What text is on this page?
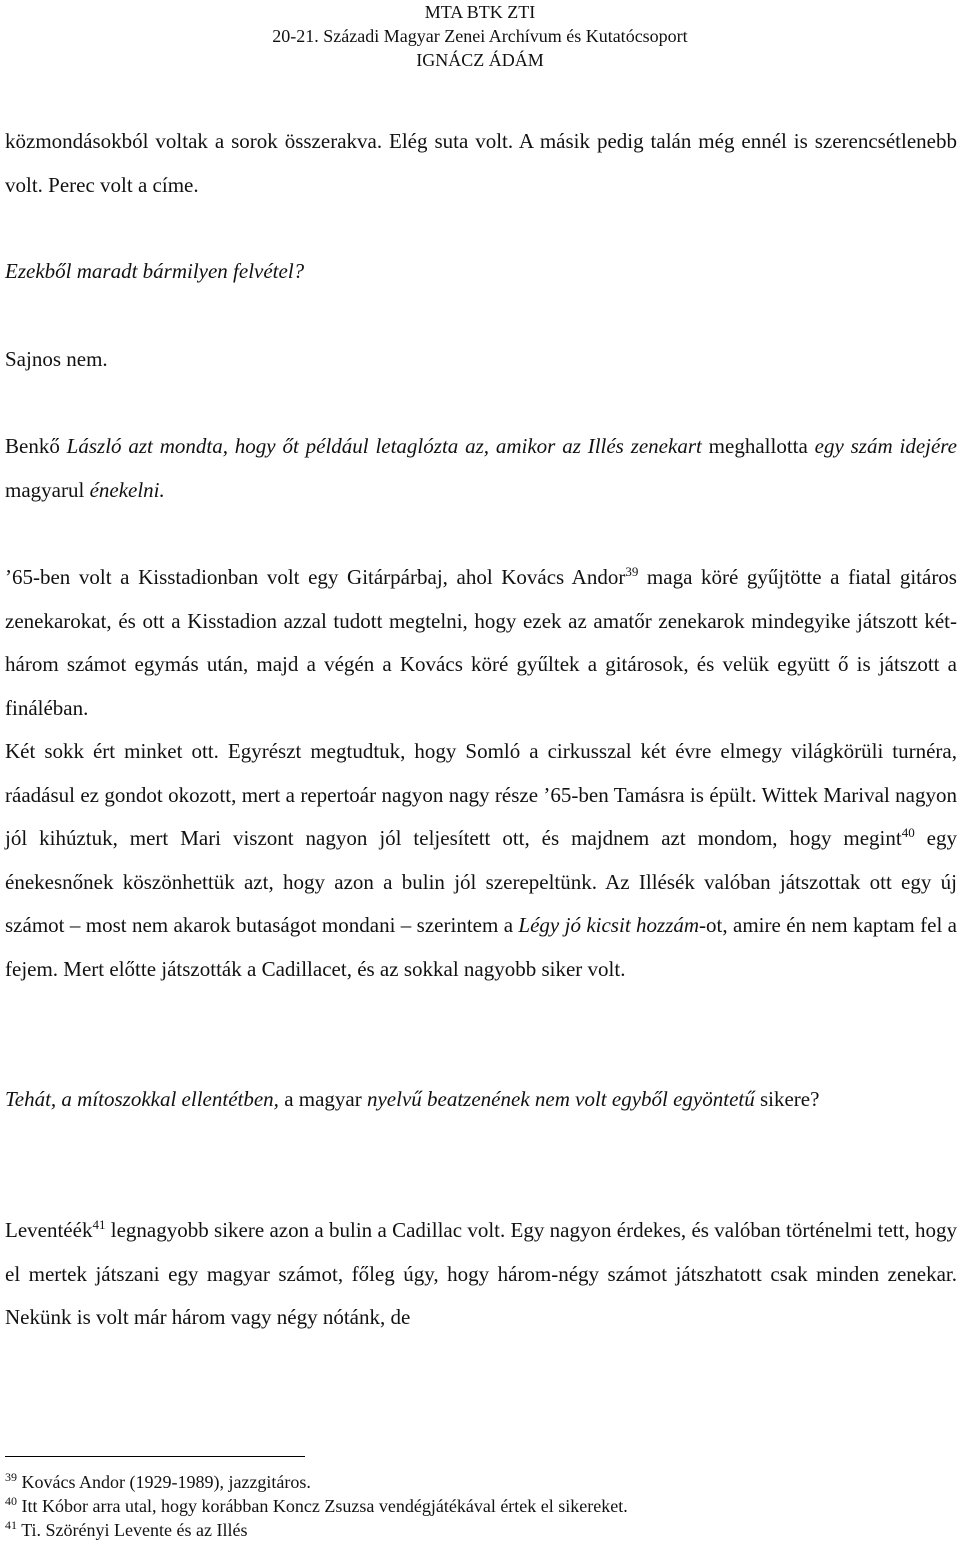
MTA BTK ZTI
20-21. Századi Magyar Zenei Archívum és Kutatócsoport
IGNÁCZ ÁDÁM
közmondásokból voltak a sorok összerakva. Elég suta volt. A másik pedig talán még ennél is szerencsétlenebb volt. Perec volt a címe.
Ezekből maradt bármilyen felvétel?
Sajnos nem.
Benkő László azt mondta, hogy őt például letaglózta az, amikor az Illés zenekart meghallotta egy szám idejére magyarul énekelni.
’65-ben volt a Kisstadionban volt egy Gitárpárbaj, ahol Kovács Andor$^{39}$ maga köré gyűjtötte a fiatal gitáros zenekarokat, és ott a Kisstadion azzal tudott megtelni, hogy ezek az amatőr zenekarok mindegyike játszott két-három számot egymás után, majd a végén a Kovács köré gyűltek a gitárosok, és velük együtt ő is játszott a fináléban.
Két sokk ért minket ott. Egyrészt megtudtuk, hogy Somló a cirkusszal két évre elmegy világkörüli turnéra, ráadásul ez gondot okozott, mert a repertoár nagyon nagy része ’65-ben Tamásra is épült. Wittek Marival nagyon jól kihúztuk, mert Mari viszont nagyon jól teljesített ott, és majdnem azt mondom, hogy megint$^{40}$ egy énekesnőnek köszönhettük azt, hogy azon a bulin jól szerepeltünk. Az Illésék valóban játszottak ott egy új számot – most nem akarok butaságot mondani – szerintem a Légy jó kicsit hozzám-ot, amire én nem kaptam fel a fejem. Mert előtte játszották a Cadillacet, és az sokkal nagyobb siker volt.
Tehát, a mítoszokkal ellentétben, a magyar nyelvű beatzenének nem volt egyből egyöntetű sikere?
Leventéék$^{41}$ legnagyobb sikere azon a bulin a Cadillac volt. Egy nagyon érdekes, és valóban történelmi tett, hogy el mertek játszani egy magyar számot, főleg úgy, hogy három-négy számot játszhatott csak minden zenekar. Nekünk is volt már három vagy négy nótánk, de
$^{39}$ Kovács Andor (1929-1989), jazzgitáros.
$^{40}$ Itt Kóbor arra utal, hogy korábban Koncz Zsuzsa vendégjátékával értek el sikereket.
$^{41}$ Ti. Szörényi Levente és az Illés
